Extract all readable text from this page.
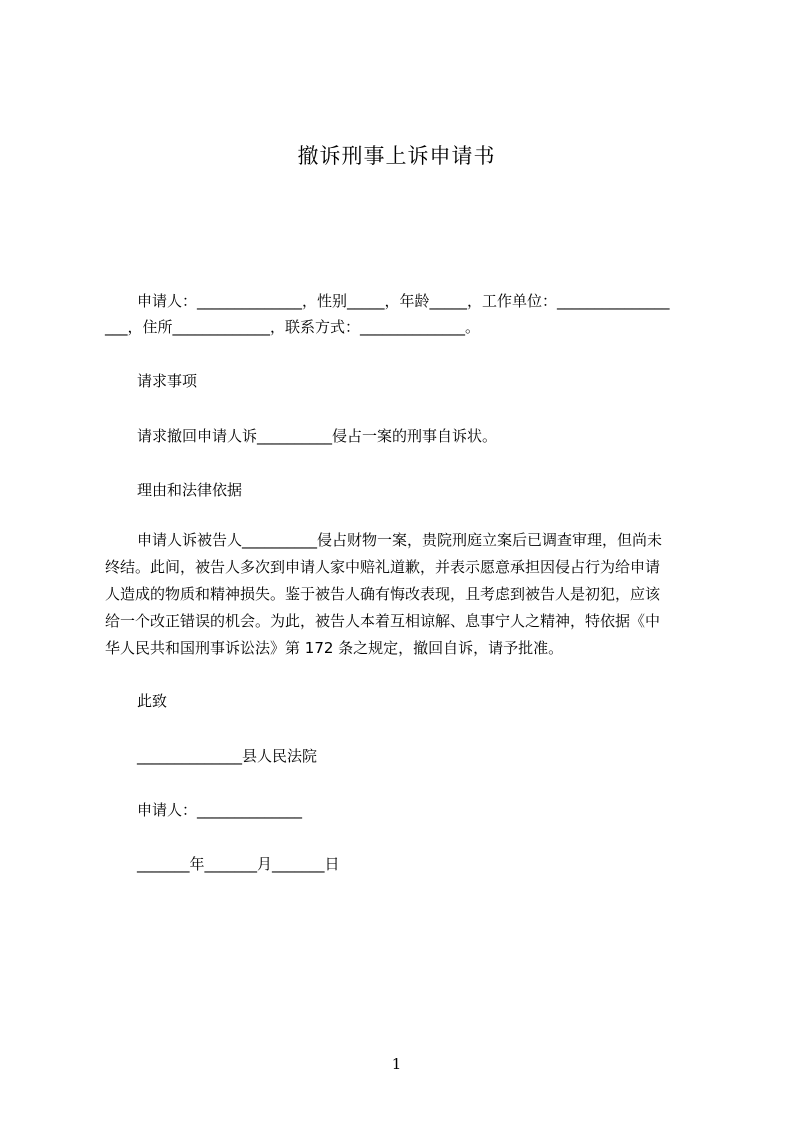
撤诉刑事上诉申请书
申请人：______________，性别_____，年龄_____，工作单位：_______________
___，住所_____________，联系方式：______________。
请求事项
请求撤回申请人诉__________侵占一案的刑事自诉状。
理由和法律依据
申请人诉被告人__________侵占财物一案，贵院刑庭立案后已调查审理，但尚未
终结。此间，被告人多次到申请人家中赔礼道歉，并表示愿意承担因侵占行为给申请
人造成的物质和精神损失。鉴于被告人确有悔改表现，且考虑到被告人是初犯，应该
给一个改正错误的机会。为此，被告人本着互相谅解、息事宁人之精神，特依据《中
华人民共和国刑事诉讼法》第 172 条之规定，撤回自诉，请予批准。
此致
______________县人民法院
申请人：______________
_______年_______月_______日
1
